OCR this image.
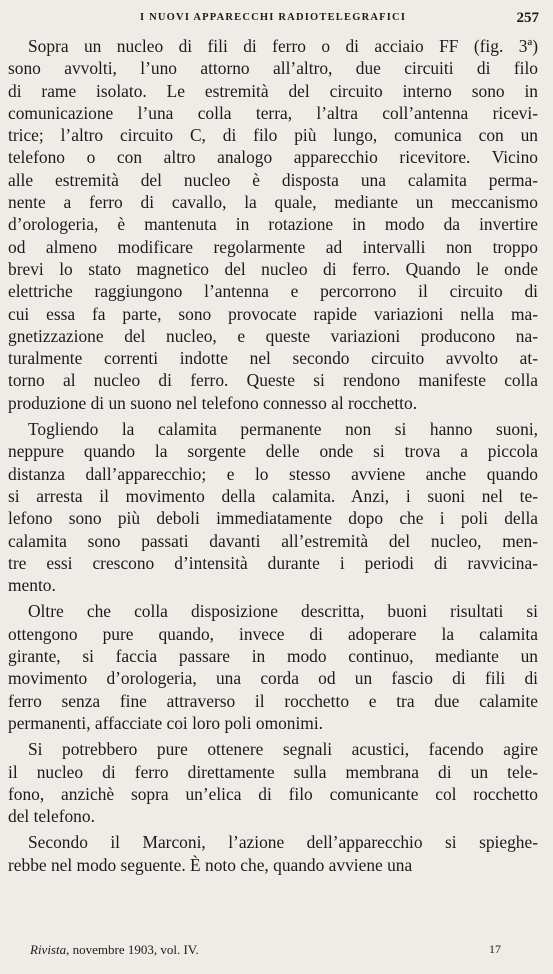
I NUOVI APPARECCHI RADIOTELEGRAFICI	257

Sopra un nucleo di fili di ferro o di acciaio FF (fig. 3ª)
sono avvolti, l’uno attorno all’altro, due circuiti di filo
di rame isolato. Le estremità del circuito interno sono in
comunicazione l’una colla terra, l’altra coll’antenna ricevi-
trice; l’altro circuito C, di filo più lungo, comunica con un
telefono o con altro analogo apparecchio ricevitore. Vicino
alle estremità del nucleo è disposta una calamita perma-
nente a ferro di cavallo, la quale, mediante un meccanismo
d’orologeria, è mantenuta in rotazione in modo da invertire
od almeno modificare regolarmente ad intervalli non troppo
brevi lo stato magnetico del nucleo di ferro. Quando le onde
elettriche raggiungono l’antenna e percorrono il circuito di
cui essa fa parte, sono provocate rapide variazioni nella ma-
gnetizzazione del nucleo, e queste variazioni producono na-
turalmente correnti indotte nel secondo circuito avvolto at-
torno al nucleo di ferro. Queste si rendono manifeste colla
produzione di un suono nel telefono connesso al rocchetto.

Togliendo la calamita permanente non si hanno suoni,
neppure quando la sorgente delle onde si trova a piccola
distanza dall’apparecchio; e lo stesso avviene anche quando
si arresta il movimento della calamita. Anzi, i suoni nel te-
lefono sono più deboli immediatamente dopo che i poli della
calamita sono passati davanti all’estremità del nucleo, men-
tre essi crescono d’intensità durante i periodi di ravvicina-
mento.

Oltre che colla disposizione descritta, buoni risultati si
ottengono pure quando, invece di adoperare la calamita
girante, si faccia passare in modo continuo, mediante un
movimento d’orologeria, una corda od un fascio di fili di
ferro senza fine attraverso il rocchetto e tra due calamite
permanenti, affacciate coi loro poli omonimi.

Si potrebbero pure ottenere segnali acustici, facendo agire
il nucleo di ferro direttamente sulla membrana di un tele-
fono, anzichè sopra un’elica di filo comunicante col rocchetto
del telefono.

Secondo il Marconi, l’azione dell’apparecchio si spieghe-
rebbe nel modo seguente. È noto che, quando avviene una

Rivista, novembre 1903, vol. IV.	17
